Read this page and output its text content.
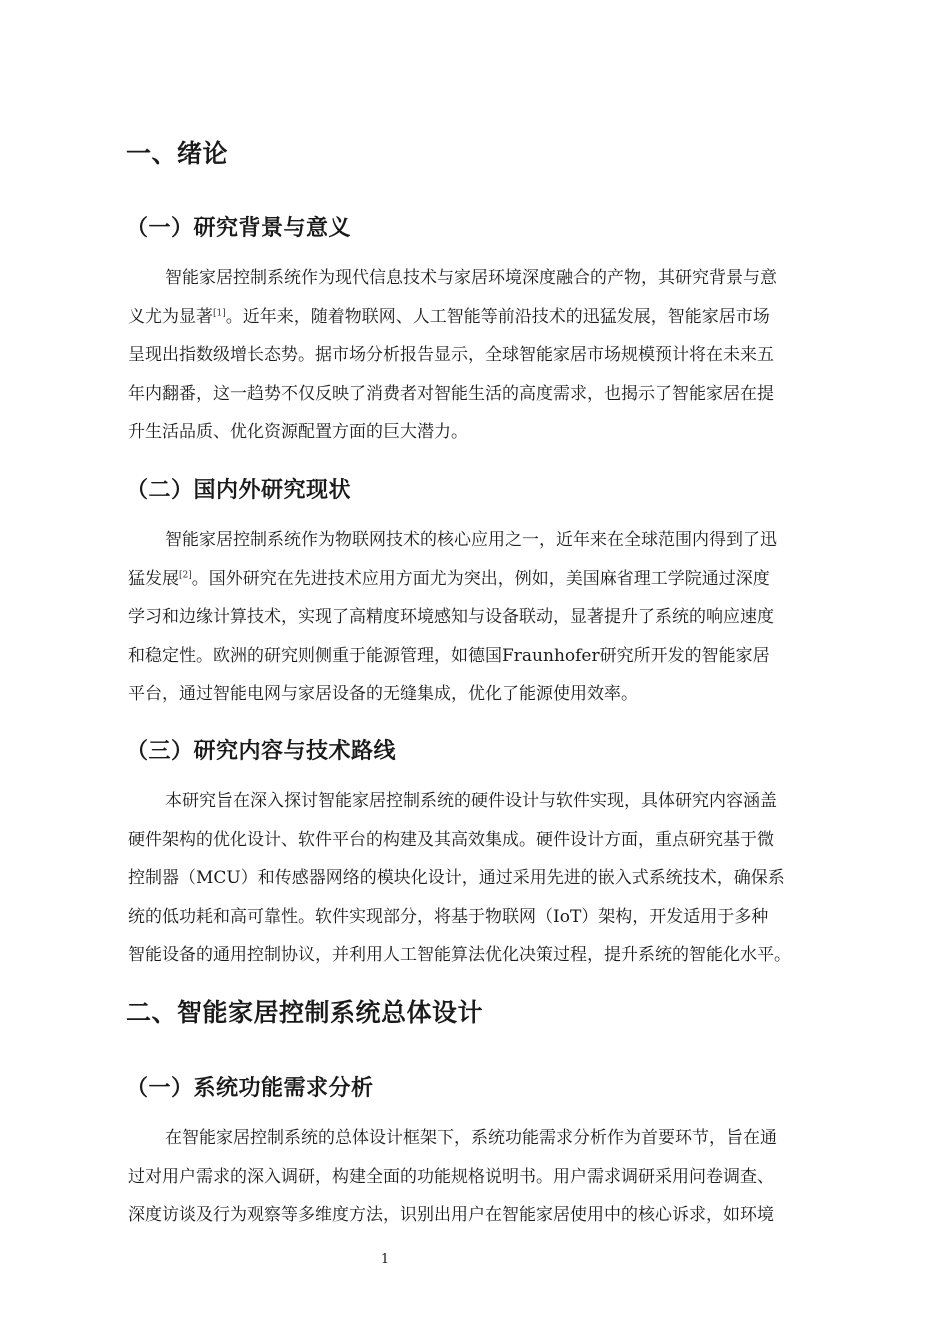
一、绪论
（一）研究背景与意义
智能家居控制系统作为现代信息技术与家居环境深度融合的产物，其研究背景与意
义尤为显著[1]。近年来，随着物联网、人工智能等前沿技术的迅猛发展，智能家居市场
呈现出指数级增长态势。据市场分析报告显示，全球智能家居市场规模预计将在未来五
年内翻番，这一趋势不仅反映了消费者对智能生活的高度需求，也揭示了智能家居在提
升生活品质、优化资源配置方面的巨大潜力。
（二）国内外研究现状
智能家居控制系统作为物联网技术的核心应用之一，近年来在全球范围内得到了迅
猛发展[2]。国外研究在先进技术应用方面尤为突出，例如，美国麻省理工学院通过深度
学习和边缘计算技术，实现了高精度环境感知与设备联动，显著提升了系统的响应速度
和稳定性。欧洲的研究则侧重于能源管理，如德国Fraunhofer研究所开发的智能家居
平台，通过智能电网与家居设备的无缝集成，优化了能源使用效率。
（三）研究内容与技术路线
本研究旨在深入探讨智能家居控制系统的硬件设计与软件实现，具体研究内容涵盖
硬件架构的优化设计、软件平台的构建及其高效集成。硬件设计方面，重点研究基于微
控制器（MCU）和传感器网络的模块化设计，通过采用先进的嵌入式系统技术，确保系
统的低功耗和高可靠性。软件实现部分，将基于物联网（IoT）架构，开发适用于多种
智能设备的通用控制协议，并利用人工智能算法优化决策过程，提升系统的智能化水平。
二、智能家居控制系统总体设计
（一）系统功能需求分析
在智能家居控制系统的总体设计框架下，系统功能需求分析作为首要环节，旨在通
过对用户需求的深入调研，构建全面的功能规格说明书。用户需求调研采用问卷调查、
深度访谈及行为观察等多维度方法，识别出用户在智能家居使用中的核心诉求，如环境
1
